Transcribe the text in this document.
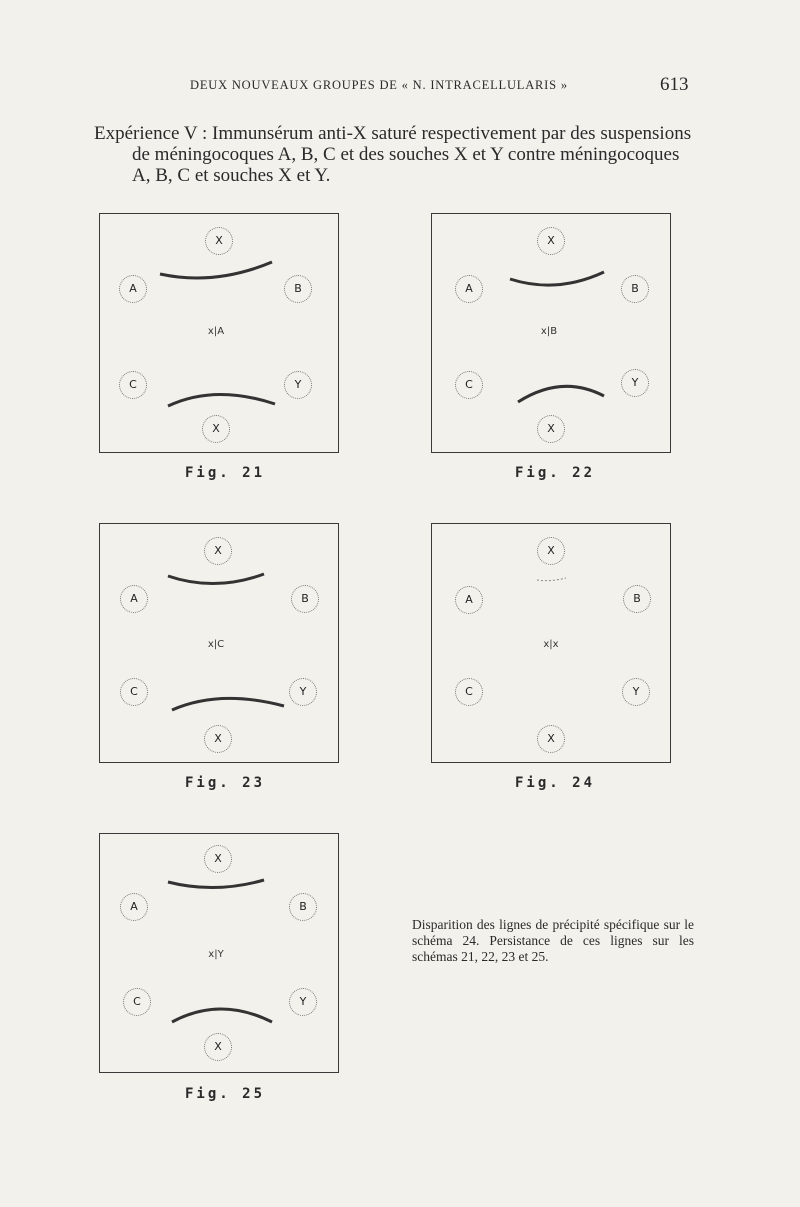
DEUX NOUVEAUX GROUPES DE « N. INTRACELLULARIS »	613
Expérience V : Immunsérum anti-X saturé respectivement par des suspensions
de méningocoques A, B, C et des souches X et Y contre méningocoques
A, B, C et souches X et Y.
X
A	B
x|A
C	Y
X
Fig. 21
X
A	B
x|B
C	Y
X
Fig. 22
X
A	B
x|C
C	Y
X
Fig. 23
X
A	B
x|x
C	Y
X
Fig. 24
X
A	B
x|Y
C	Y
X
Fig. 25
Disparition des lignes de précipité spécifique sur le schéma 24. Persistance de ces lignes sur les schémas 21, 22, 23 et 25.
